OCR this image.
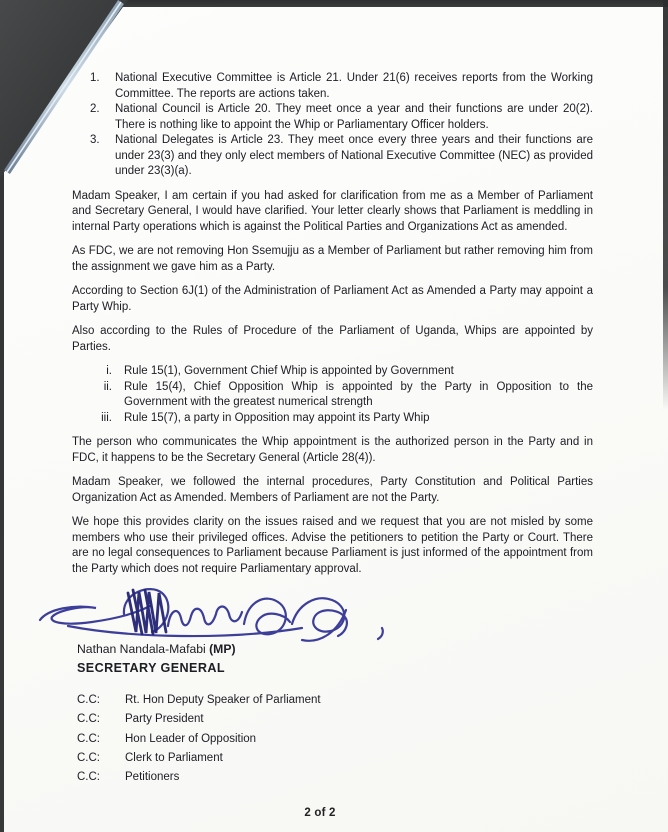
1.	National Executive Committee is Article 21. Under 21(6) receives reports from the Working Committee. The reports are actions taken.
2.	National Council is Article 20. They meet once a year and their functions are under 20(2). There is nothing like to appoint the Whip or Parliamentary Officer holders.
3.	National Delegates is Article 23. They meet once every three years and their functions are under 23(3) and they only elect members of National Executive Committee (NEC) as provided under 23(3)(a).

Madam Speaker, I am certain if you had asked for clarification from me as a Member of Parliament and Secretary General, I would have clarified. Your letter clearly shows that Parliament is meddling in internal Party operations which is against the Political Parties and Organizations Act as amended.

As FDC, we are not removing Hon Ssemujju as a Member of Parliament but rather removing him from the assignment we gave him as a Party.

According to Section 6J(1) of the Administration of Parliament Act as Amended a Party may appoint a Party Whip.

Also according to the Rules of Procedure of the Parliament of Uganda, Whips are appointed by Parties.

i. Rule 15(1), Government Chief Whip is appointed by Government
ii. Rule 15(4), Chief Opposition Whip is appointed by the Party in Opposition to the Government with the greatest numerical strength
iii. Rule 15(7), a party in Opposition may appoint its Party Whip

The person who communicates the Whip appointment is the authorized person in the Party and in FDC, it happens to be the Secretary General (Article 28(4)).

Madam Speaker, we followed the internal procedures, Party Constitution and Political Parties Organization Act as Amended. Members of Parliament are not the Party.

We hope this provides clarity on the issues raised and we request that you are not misled by some members who use their privileged offices. Advise the petitioners to petition the Party or Court. There are no legal consequences to Parliament because Parliament is just informed of the appointment from the Party which does not require Parliamentary approval.

Nathan Nandala-Mafabi (MP)
SECRETARY GENERAL
C.C:	Rt. Hon Deputy Speaker of Parliament
C.C:	Party President
C.C:	Hon Leader of Opposition
C.C:	Clerk to Parliament
C.C:	Petitioners
2 of 2
